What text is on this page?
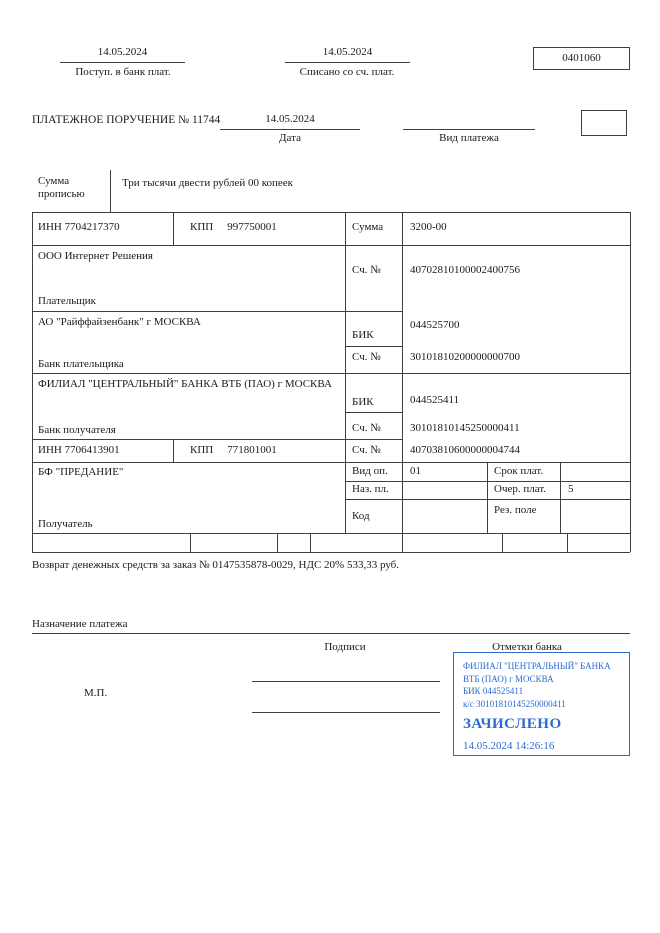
14.05.2024
Поступ. в банк плат.
14.05.2024
Списано со сч. плат.
0401060
ПЛАТЕЖНОЕ ПОРУЧЕНИЕ № 11744	14.05.2024
Дата	Вид платежа
Сумма прописью
Три тысячи двести рублей 00 копеек
ИНН 7704217370	КПП 997750001	Сумма 3200-00
ООО Интернет Решения
Сч. №	40702810100002400756
Плательщик
АО "Райффайзенбанк" г МОСКВА
БИК
044525700
Сч. №	30101810200000000700
Банк плательщика
ФИЛИАЛ "ЦЕНТРАЛЬНЫЙ" БАНКА ВТБ (ПАО) г МОСКВА
БИК	044525411
Сч. №	30101810145250000411
Банк получателя
ИНН 7706413901	КПП 771801001	Сч. №	40703810600000004744
БФ "ПРЕДАНИЕ"	Вид оп. 01	Срок плат.
Наз. пл.	Очер. плат. 5
Код	Рез. поле
Получатель
Возврат денежных средств за заказ № 0147535878-0029, НДС 20% 533,33 руб.
Назначение платежа
Подписи	Отметки банка
М.П.
ФИЛИАЛ "ЦЕНТРАЛЬНЫЙ" БАНКА
ВТБ (ПАО) г МОСКВА
БИК 044525411
к/с 30101810145250000411
ЗАЧИСЛЕНО
14.05.2024 14:26:16
